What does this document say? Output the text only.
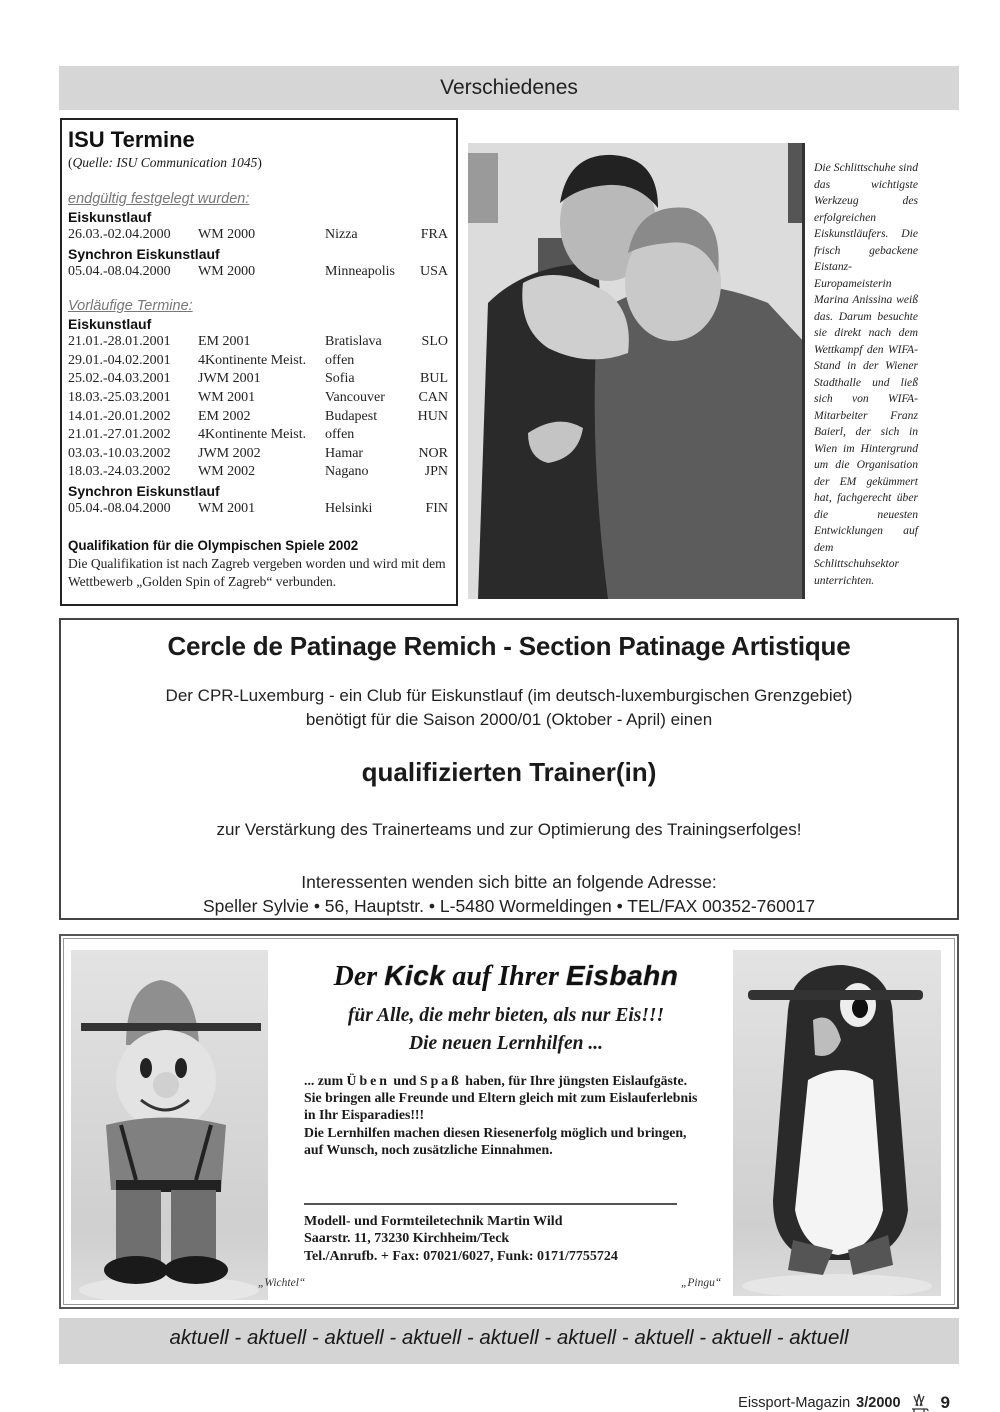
Verschiedenes
ISU Termine
(Quelle: ISU Communication 1045)
endgültig festgelegt wurden:
Eiskunstlauf
26.03.-02.04.2000	WM 2000	Nizza	FRA
Synchron Eiskunstlauf
05.04.-08.04.2000	WM 2000	Minneapolis	USA
Vorläufige Termine:
Eiskunstlauf
21.01.-28.01.2001	EM 2001	Bratislava	SLO
29.01.-04.02.2001	4Kontinente Meist.	offen
25.02.-04.03.2001	JWM 2001	Sofia	BUL
18.03.-25.03.2001	WM 2001	Vancouver	CAN
14.01.-20.01.2002	EM 2002	Budapest	HUN
21.01.-27.01.2002	4Kontinente Meist.	offen
03.03.-10.03.2002	JWM 2002	Hamar	NOR
18.03.-24.03.2002	WM 2002	Nagano	JPN
Synchron Eiskunstlauf
05.04.-08.04.2000	WM 2001	Helsinki	FIN
Qualifikation für die Olympischen Spiele 2002
Die Qualifikation ist nach Zagreb vergeben worden und wird mit dem Wettbewerb „Golden Spin of Zagreb“ verbunden.
Die Schlittschuhe sind das wichtigste Werkzeug des erfolgreichen Eiskunstläufers. Die frisch gebackene Eistanz-Europameisterin Marina Anissina weiß das. Darum besuchte sie direkt nach dem Wettkampf den WIFA-Stand in der Wiener Stadthalle und ließ sich von WIFA-Mitarbeiter Franz Baierl, der sich in Wien im Hintergrund um die Organisation der EM gekümmert hat, fachgerecht über die neuesten Entwicklungen auf dem Schlittschuhsektor unterrichten.
Cercle de Patinage Remich - Section Patinage Artistique
Der CPR-Luxemburg - ein Club für Eiskunstlauf (im deutsch-luxemburgischen Grenzgebiet)
benötigt für die Saison 2000/01 (Oktober - April) einen
qualifizierten Trainer(in)
zur Verstärkung des Trainerteams und zur Optimierung des Trainingserfolges!
Interessenten wenden sich bitte an folgende Adresse:
Speller Sylvie • 56, Hauptstr. • L-5480 Wormeldingen • TEL/FAX 00352-760017
Der Kick auf Ihrer Eisbahn
für Alle, die mehr bieten, als nur Eis!!!
Die neuen Lernhilfen ...
... zum Üben und Spaß haben, für Ihre jüngsten Eislaufgäste.
Sie bringen alle Freunde und Eltern gleich mit zum Eislauferlebnis in Ihr Eisparadies!!!
Die Lernhilfen machen diesen Riesenerfolg möglich und bringen, auf Wunsch, noch zusätzliche Einnahmen.
Modell- und Formteiletechnik Martin Wild
Saarstr. 11, 73230 Kirchheim/Teck
Tel./Anrufb. + Fax: 07021/6027, Funk: 0171/7755724
„Wichtel“	„Pingu“
aktuell - aktuell - aktuell - aktuell - aktuell - aktuell - aktuell - aktuell - aktuell
Eissport-Magazin 3/2000 9
